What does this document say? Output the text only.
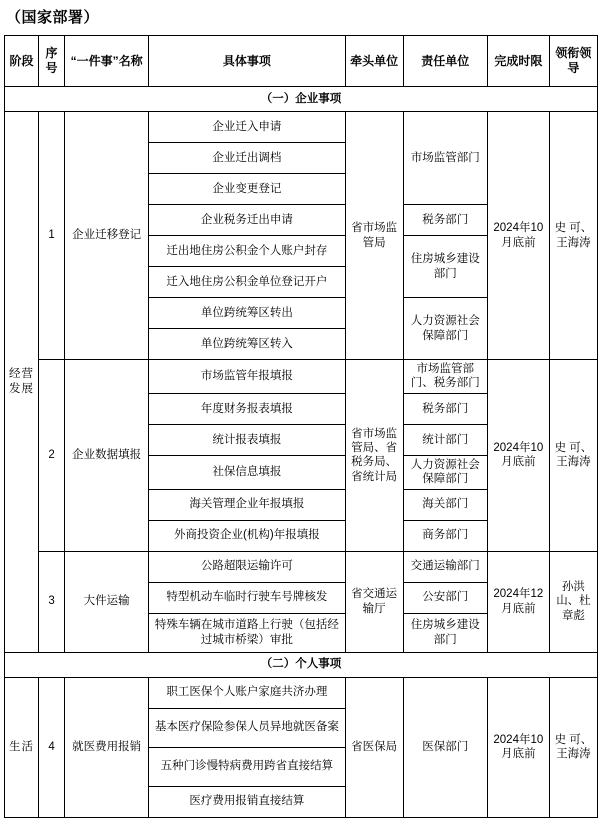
（国家部署）
阶段	序号	“一件事”名称	具体事项	牵头单位	责任单位	完成时限	领衔领导
（一）企业事项							
经营发展	1	企业迁移登记	企业迁入申请	省市场监管局	市场监管部门	2024年10月底前	史 可、王海涛
			企业迁出调档				
			企业变更登记				
			企业税务迁出申请		税务部门		
			迁出地住房公积金个人账户封存		住房城乡建设部门		
			迁入地住房公积金单位登记开户				
			单位跨统筹区转出		人力资源社会保障部门		
			单位跨统筹区转入				
	2	企业数据填报	市场监管年报填报	省市场监管局、省税务局、省统计局	市场监管部门、税务部门	2024年10月底前	史 可、王海涛
			年度财务报表填报		税务部门		
			统计报表填报		统计部门		
			社保信息填报		人力资源社会保障部门		
			海关管理企业年报填报		海关部门		
			外商投资企业(机构)年报填报		商务部门		
	3	大件运输	公路超限运输许可	省交通运输厅	交通运输部门	2024年12月底前	孙洪山、杜章彪
			特型机动车临时行驶车号牌核发		公安部门		
			特殊车辆在城市道路上行驶（包括经过城市桥梁）审批		住房城乡建设部门		
（二）个人事项							
生活	4	就医费用报销	职工医保个人账户家庭共济办理	省医保局	医保部门	2024年10月底前	史 可、王海涛
			基本医疗保险参保人员异地就医备案				
			五种门诊慢特病费用跨省直接结算				
			医疗费用报销直接结算				
